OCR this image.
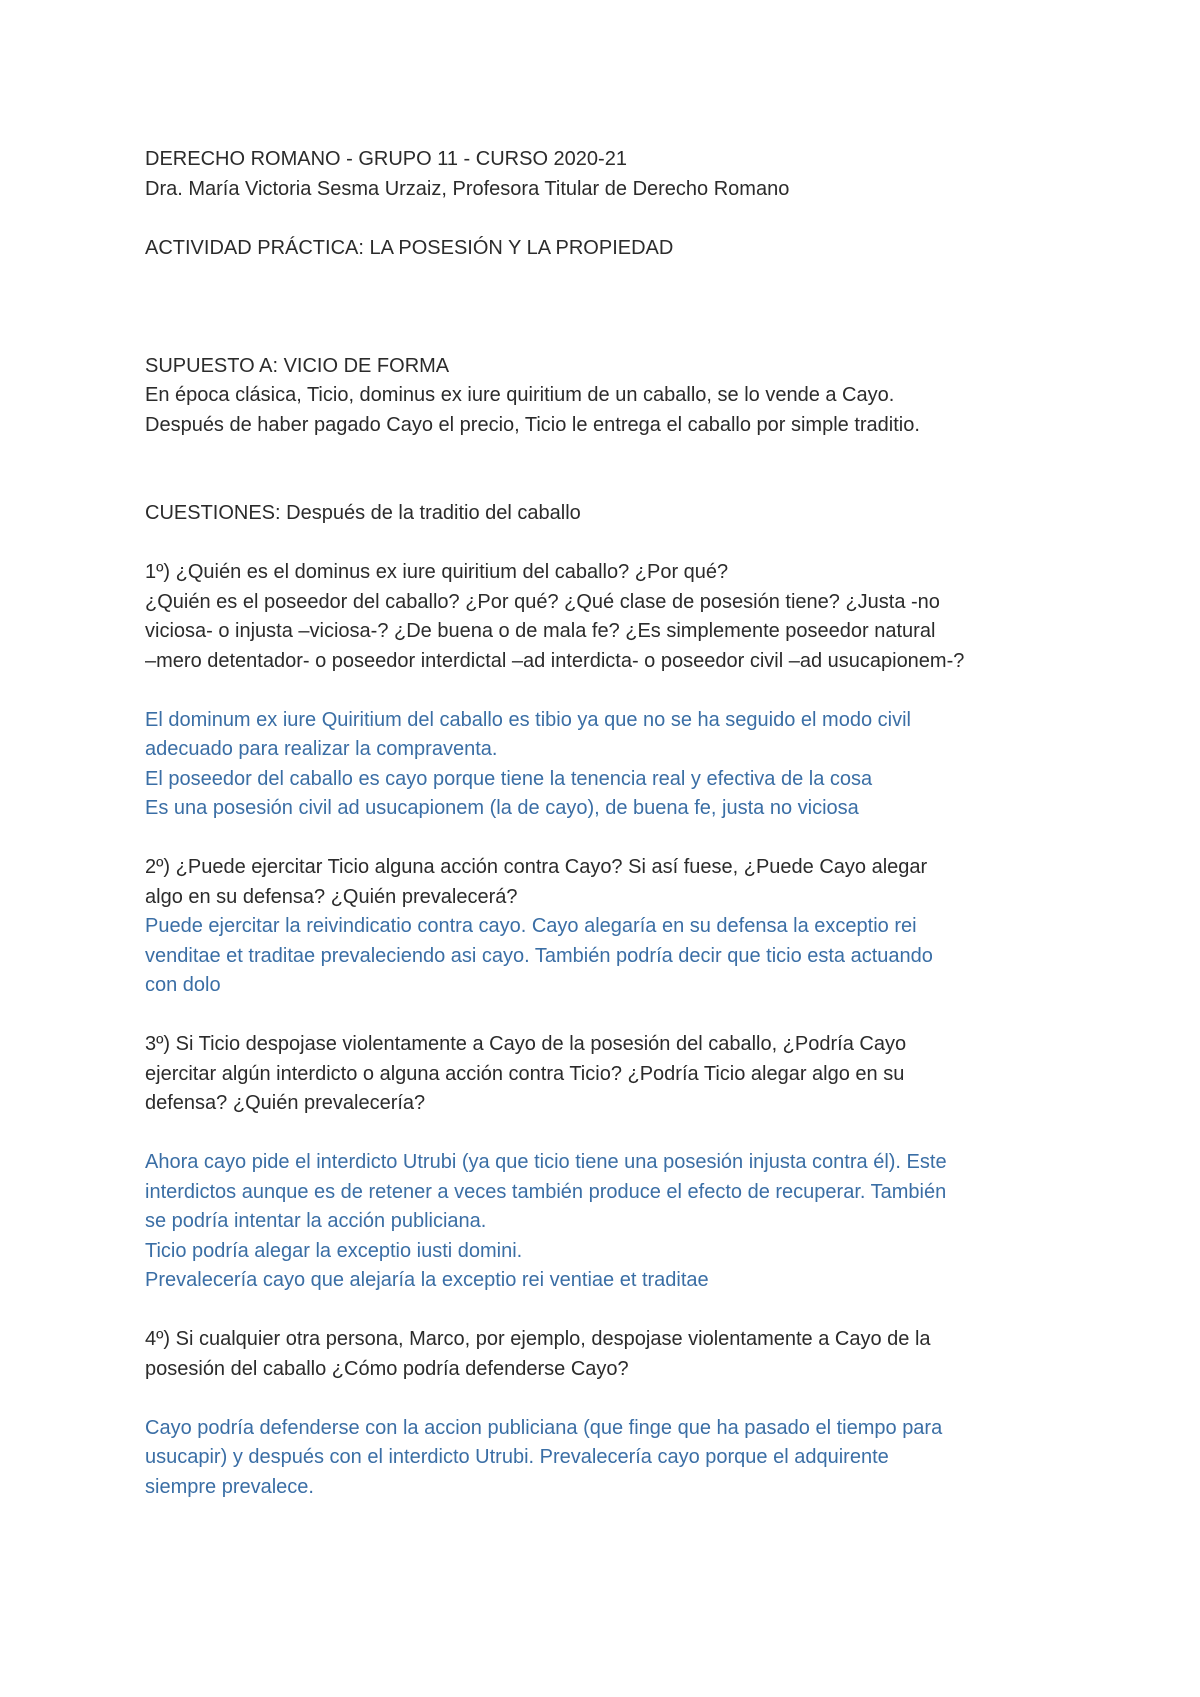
DERECHO ROMANO - GRUPO 11 - CURSO 2020-21
Dra. María Victoria Sesma Urzaiz, Profesora Titular de Derecho Romano
ACTIVIDAD PRÁCTICA: LA POSESIÓN Y LA PROPIEDAD
SUPUESTO A: VICIO DE FORMA
En época clásica, Ticio, dominus ex iure quiritium de un caballo, se lo vende a Cayo.
Después de haber pagado Cayo el precio, Ticio le entrega el caballo por simple traditio.
CUESTIONES: Después de la traditio del caballo
1º) ¿Quién es el dominus ex iure quiritium del caballo? ¿Por qué?
¿Quién es el poseedor del caballo? ¿Por qué? ¿Qué clase de posesión tiene? ¿Justa -no
viciosa- o injusta –viciosa-? ¿De buena o de mala fe? ¿Es simplemente poseedor natural
–mero detentador- o poseedor interdictal –ad interdicta- o poseedor civil –ad usucapionem-?
El dominum ex iure Quiritium del caballo es tibio ya que no se ha seguido el modo civil
adecuado para realizar la compraventa.
El poseedor del caballo es cayo porque tiene la tenencia real y efectiva de la cosa
Es una posesión civil ad usucapionem (la de cayo), de buena fe, justa no viciosa
2º) ¿Puede ejercitar Ticio alguna acción contra Cayo? Si así fuese, ¿Puede Cayo alegar
algo en su defensa? ¿Quién prevalecerá?
Puede ejercitar la reivindicatio contra cayo. Cayo alegaría en su defensa la exceptio rei
venditae et traditae prevaleciendo asi cayo. También podría decir que ticio esta actuando
con dolo
3º) Si Ticio despojase violentamente a Cayo de la posesión del caballo, ¿Podría Cayo
ejercitar algún interdicto o alguna acción contra Ticio? ¿Podría Ticio alegar algo en su
defensa? ¿Quién prevalecería?
Ahora cayo pide el interdicto Utrubi (ya que ticio tiene una posesión injusta contra él). Este
interdictos aunque es de retener a veces también produce el efecto de recuperar. También
se podría intentar la acción publiciana.
Ticio podría alegar la exceptio iusti domini.
Prevalecería cayo que alejaría la exceptio rei ventiae et traditae
4º) Si cualquier otra persona, Marco, por ejemplo, despojase violentamente a Cayo de la
posesión del caballo ¿Cómo podría defenderse Cayo?
Cayo podría defenderse con la accion publiciana (que finge que ha pasado el tiempo para
usucapir) y después con el interdicto Utrubi. Prevalecería cayo porque el adquirente
siempre prevalece.
